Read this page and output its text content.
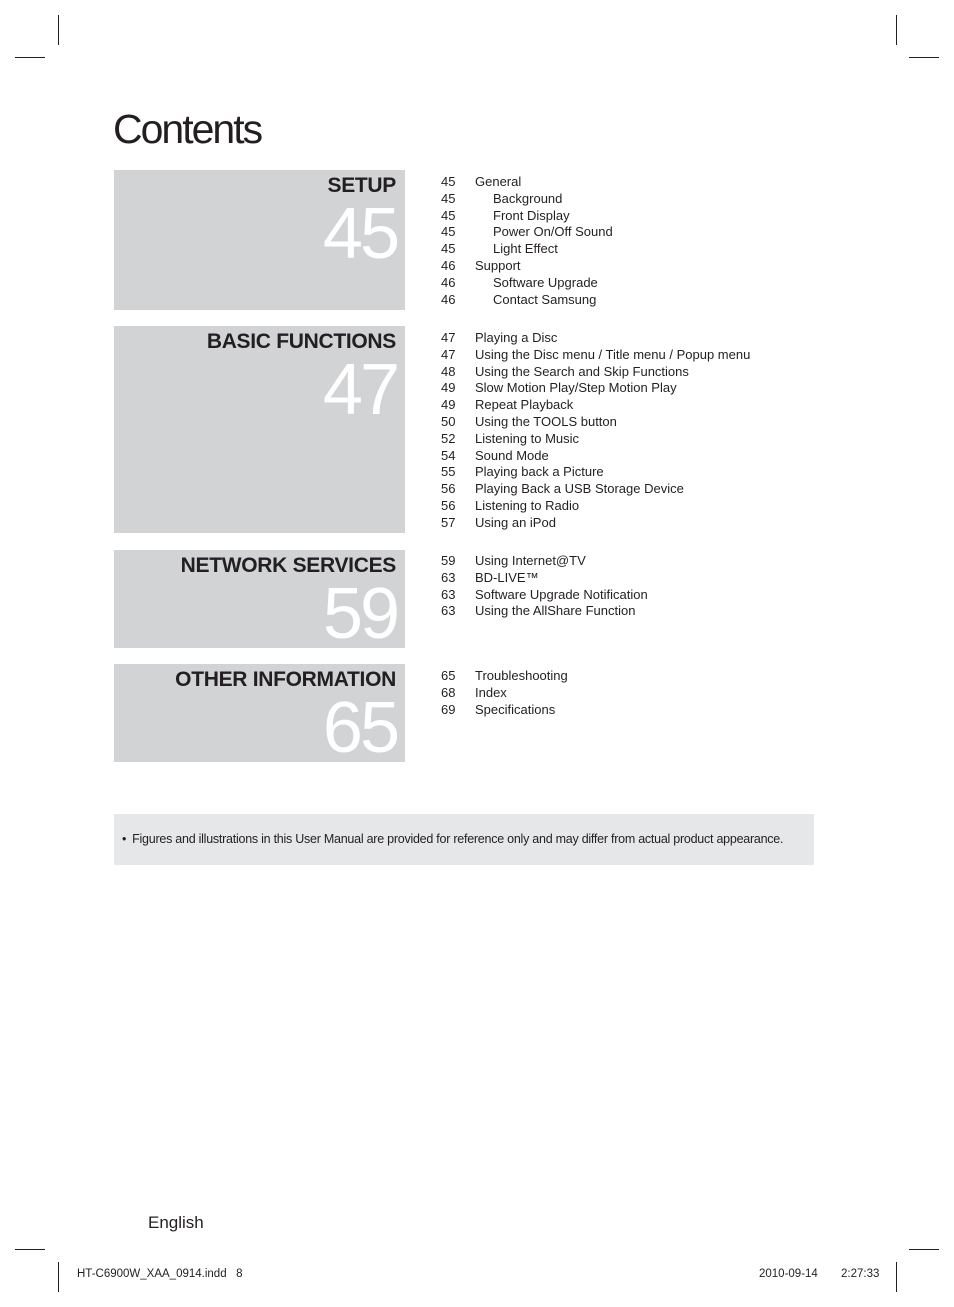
Contents
SETUP
45
BASIC FUNCTIONS
47
NETWORK SERVICES
59
OTHER INFORMATION
65
45 General
45	Background
45	Front Display
45	Power On/Off Sound
45	Light Effect
46 Support
46	Software Upgrade
46	Contact Samsung
47 Playing a Disc
47 Using the Disc menu / Title menu / Popup menu
48 Using the Search and Skip Functions
49 Slow Motion Play/Step Motion Play
49 Repeat Playback
50 Using the TOOLS button
52 Listening to Music
54 Sound Mode
55 Playing back a Picture
56 Playing Back a USB Storage Device
56 Listening to Radio
57 Using an iPod
59 Using Internet@TV
63 BD-LIVE™
63 Software Upgrade Notification
63 Using the AllShare Function
65 Troubleshooting
68 Index
69 Specifications
• Figures and illustrations in this User Manual are provided for reference only and may differ from actual product appearance.
English
HT-C6900W_XAA_0914.indd   8	2010-09-14 2:27:33
